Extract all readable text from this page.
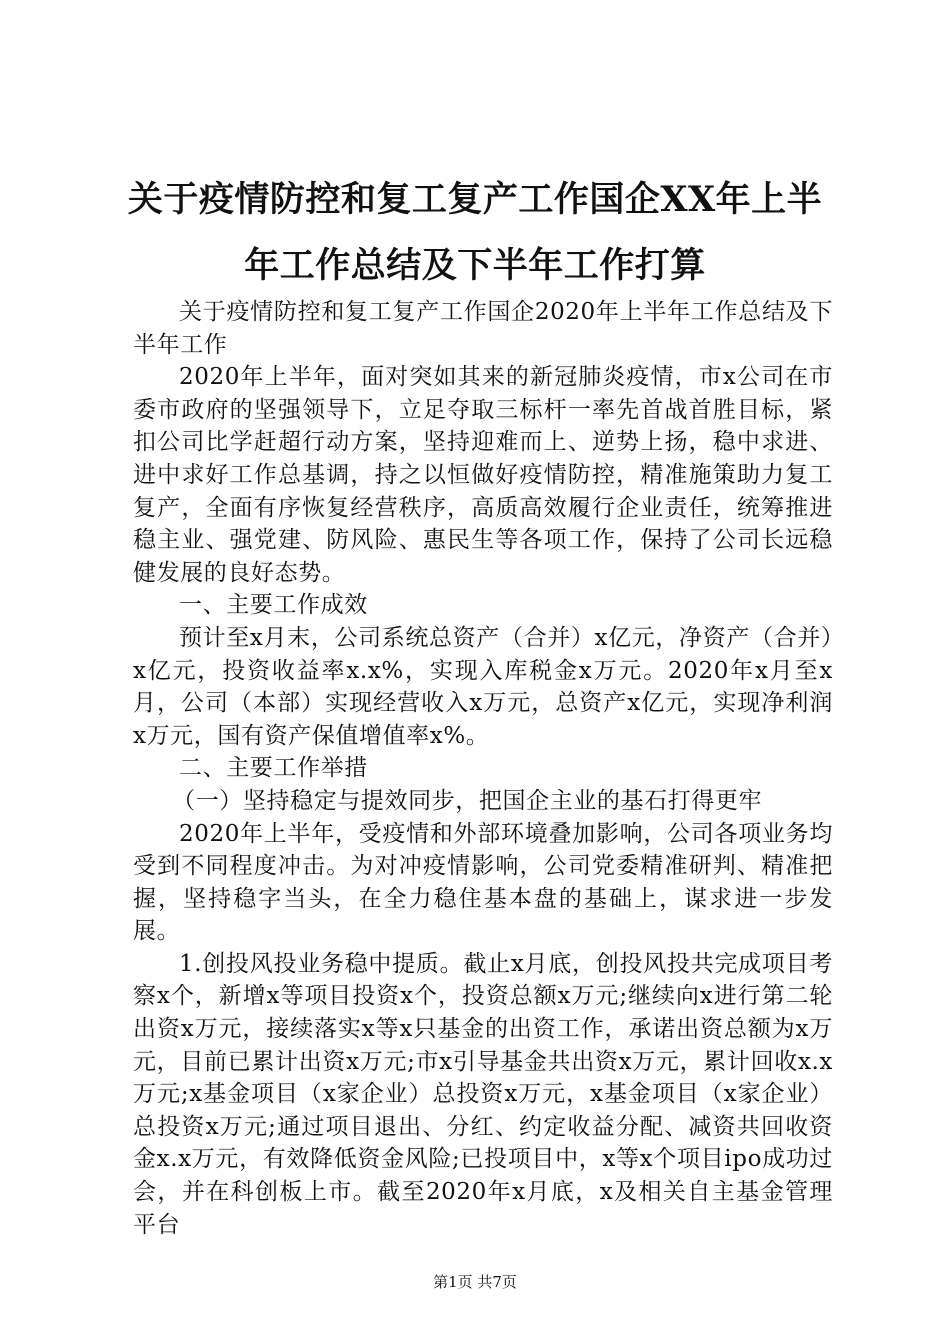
关于疫情防控和复工复产工作国企XX年上半
年工作总结及下半年工作打算

关于疫情防控和复工复产工作国企2020年上半年工作总结及下半年工作

2020年上半年，面对突如其来的新冠肺炎疫情，市x公司在市委市政府的坚强领导下，立足夺取三标杆一率先首战首胜目标，紧扣公司比学赶超行动方案，坚持迎难而上、逆势上扬，稳中求进、进中求好工作总基调，持之以恒做好疫情防控，精准施策助力复工复产，全面有序恢复经营秩序，高质高效履行企业责任，统筹推进稳主业、强党建、防风险、惠民生等各项工作，保持了公司长远稳健发展的良好态势。

一、主要工作成效

预计至x月末，公司系统总资产（合并）x亿元，净资产（合并）x亿元，投资收益率x.x%，实现入库税金x万元。2020年x月至x月，公司（本部）实现经营收入x万元，总资产x亿元，实现净利润x万元，国有资产保值增值率x%。

二、主要工作举措

（一）坚持稳定与提效同步，把国企主业的基石打得更牢

2020年上半年，受疫情和外部环境叠加影响，公司各项业务均受到不同程度冲击。为对冲疫情影响，公司党委精准研判、精准把握，坚持稳字当头，在全力稳住基本盘的基础上，谋求进一步发展。

1.创投风投业务稳中提质。截止x月底，创投风投共完成项目考察x个，新增x等项目投资x个，投资总额x万元;继续向x进行第二轮出资x万元，接续落实x等x只基金的出资工作，承诺出资总额为x万元，目前已累计出资x万元;市x引导基金共出资x万元，累计回收x.x万元;x基金项目（x家企业）总投资x万元，x基金项目（x家企业）总投资x万元;通过项目退出、分红、约定收益分配、减资共回收资金x.x万元，有效降低资金风险;已投项目中，x等x个项目ipo成功过会，并在科创板上市。截至2020年x月底，x及相关自主基金管理平台

第1页 共7页
